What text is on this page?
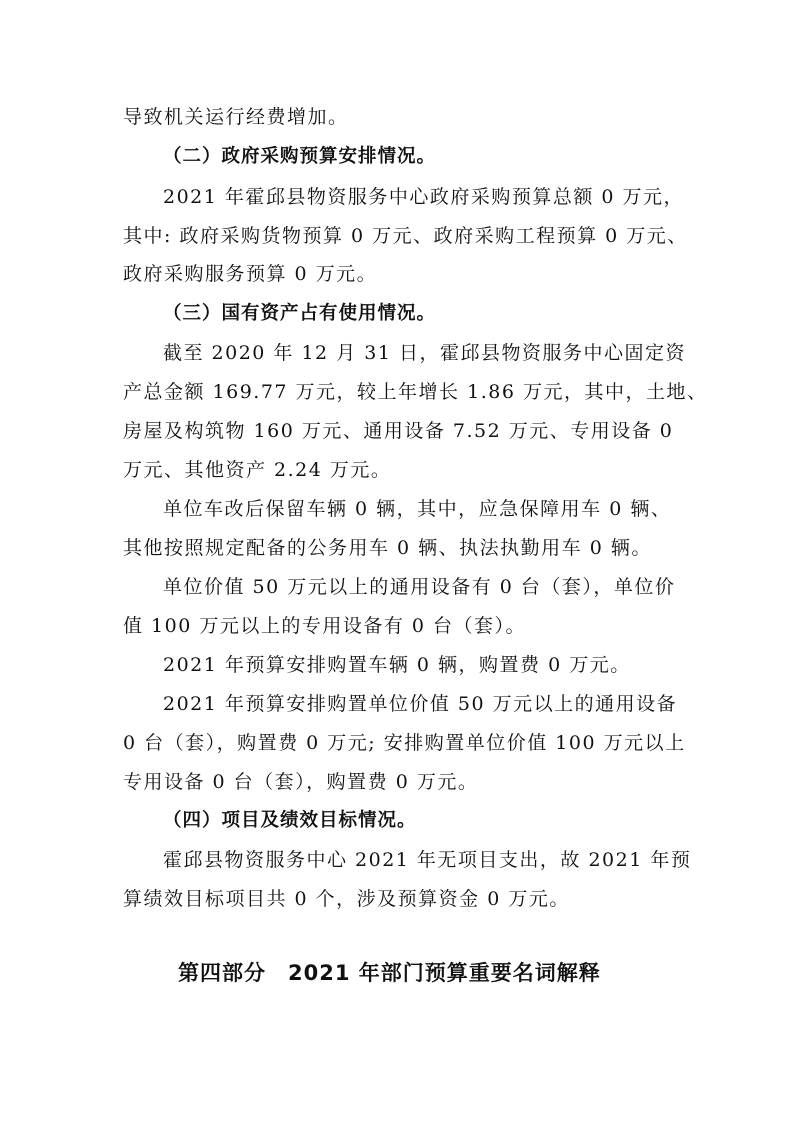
导致机关运行经费增加。
（二）政府采购预算安排情况。
2021 年霍邱县物资服务中心政府采购预算总额 0 万元，
其中: 政府采购货物预算 0 万元、政府采购工程预算 0 万元、
政府采购服务预算 0 万元。
（三）国有资产占有使用情况。
截至 2020 年 12 月 31 日，霍邱县物资服务中心固定资
产总金额 169.77 万元，较上年增长 1.86 万元，其中，土地、
房屋及构筑物 160 万元、通用设备 7.52 万元、专用设备 0
万元、其他资产 2.24 万元。
单位车改后保留车辆 0 辆，其中，应急保障用车 0 辆、
其他按照规定配备的公务用车 0 辆、执法执勤用车 0 辆。
单位价值 50 万元以上的通用设备有 0 台（套），单位价
值 100 万元以上的专用设备有 0 台（套）。
2021 年预算安排购置车辆 0 辆，购置费 0 万元。
2021 年预算安排购置单位价值 50 万元以上的通用设备
0 台（套），购置费 0 万元; 安排购置单位价值 100 万元以上
专用设备 0 台（套），购置费 0 万元。
（四）项目及绩效目标情况。
霍邱县物资服务中心 2021 年无项目支出，故 2021 年预
算绩效目标项目共 0 个，涉及预算资金 0 万元。
第四部分　2021 年部门预算重要名词解释
